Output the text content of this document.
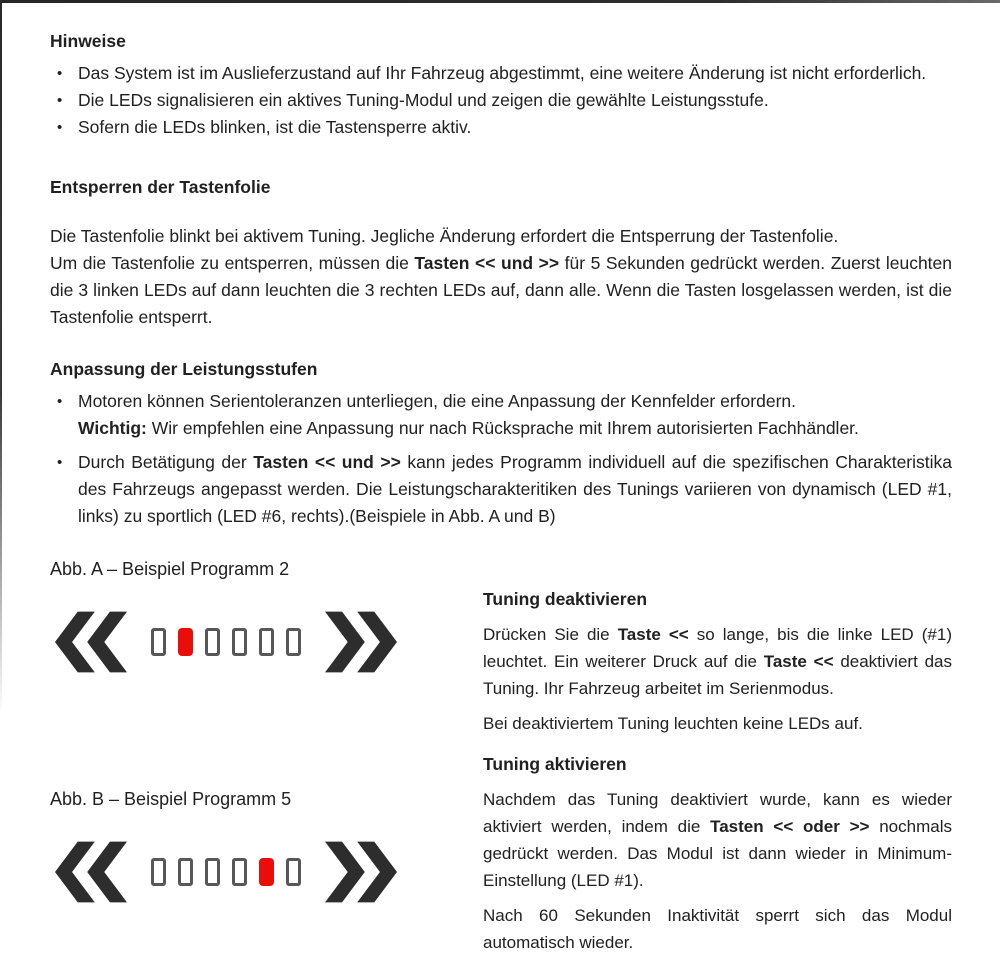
Hinweise
• Das System ist im Auslieferzustand auf Ihr Fahrzeug abgestimmt, eine weitere Änderung ist nicht erforderlich.
• Die LEDs signalisieren ein aktives Tuning-Modul und zeigen die gewählte Leistungsstufe.
• Sofern die LEDs blinken, ist die Tastensperre aktiv.
Entsperren der Tastenfolie

Die Tastenfolie blinkt bei aktivem Tuning. Jegliche Änderung erfordert die Entsperrung der Tastenfolie.

Um die Tastenfolie zu entsperren, müssen die Tasten << und >> für 5 Sekunden gedrückt werden. Zuerst leuchten die 3 linken LEDs auf dann leuchten die 3 rechten LEDs auf, dann alle. Wenn die Tasten losgelassen werden, ist die Tastenfolie entsperrt.

Anpassung der Leistungsstufen
• Motoren können Serientoleranzen unterliegen, die eine Anpassung der Kennfelder erfordern.

Wichtig: Wir empfehlen eine Anpassung nur nach Rücksprache mit Ihrem autorisierten Fachhändler.

• Durch Betätigung der Tasten << und >> kann jedes Programm individuell auf die spezifischen Charakteristika des Fahrzeugs angepasst werden. Die Leistungscharakteritiken des Tunings variieren von dynamisch (LED #1, links) zu sportlich (LED #6, rechts).(Beispiele in Abb. A und B)
Abb. A – Beispiel Programm 2
Abb. B – Beispiel Programm 5
Tuning deaktivieren

Drücken Sie die Taste << so lange, bis die linke LED (#1) leuchtet. Ein weiterer Druck auf die Taste << deaktiviert das Tuning. Ihr Fahrzeug arbeitet im Serienmodus.

Bei deaktiviertem Tuning leuchten keine LEDs auf.

Tuning aktivieren

Nachdem das Tuning deaktiviert wurde, kann es wieder aktiviert werden, indem die Tasten << oder >> nochmals gedrückt werden. Das Modul ist dann wieder in Minimum-Einstellung (LED #1).

Nach 60 Sekunden Inaktivität sperrt sich das Modul automatisch wieder.
